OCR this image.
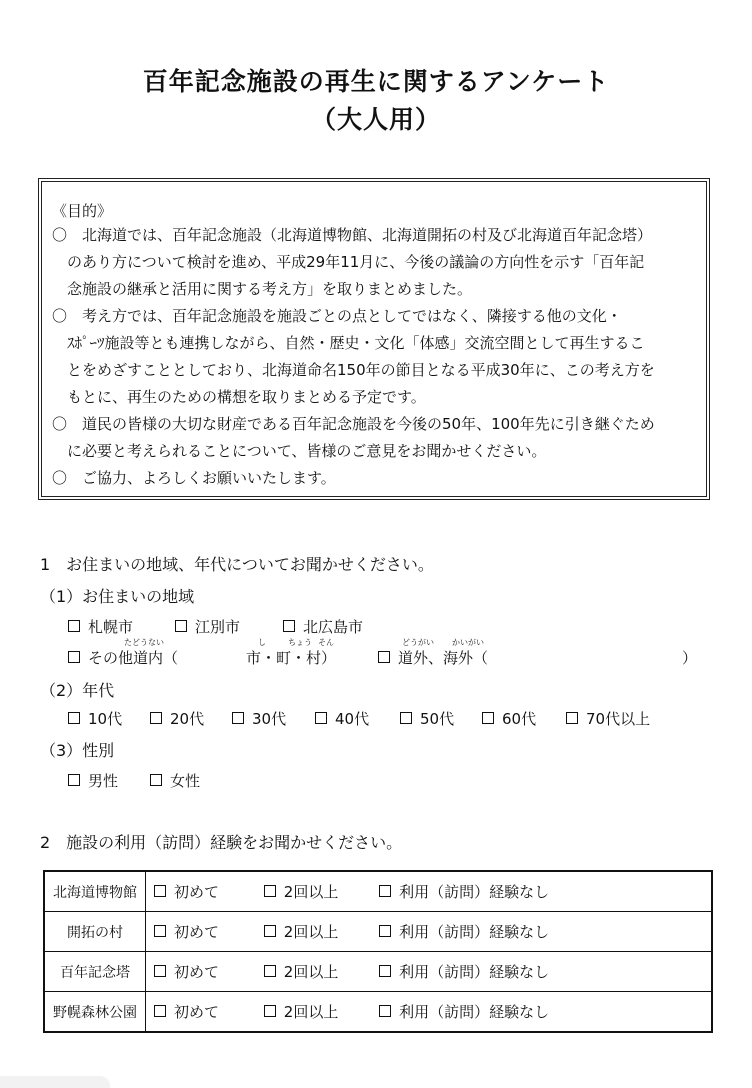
百年記念施設の再生に関するアンケート
（大人用）
《目的》
〇　北海道では、百年記念施設（北海道博物館、北海道開拓の村及び北海道百年記念塔）
　のあり方について検討を進め、平成29年11月に、今後の議論の方向性を示す「百年記
　念施設の継承と活用に関する考え方」を取りまとめました。
〇　考え方では、百年記念施設を施設ごとの点としてではなく、隣接する他の文化・
　ｽﾎﾟｰﾂ施設等とも連携しながら、自然・歴史・文化「体感」交流空間として再生するこ
　とをめざすこととしており、北海道命名150年の節目となる平成30年に、この考え方を
　もとに、再生のための構想を取りまとめる予定です。
〇　道民の皆様の大切な財産である百年記念施設を今後の50年、100年先に引き継ぐため
　に必要と考えられることについて、皆様のご意見をお聞かせください。
〇　ご協力、よろしくお願いいたします。
1　お住まいの地域、年代についてお聞かせください。
（1）お住まいの地域
札幌市	江別市	北広島市
たどうない	し	ちょう そん	どうがい かいがい
その他道内（	市・町・村）	道外、海外（	）
（2）年代
10代	20代	30代	40代	50代	60代	70代以上
（3）性別
男性	女性
2　施設の利用（訪問）経験をお聞かせください。
北海道博物館	初めて 2回以上 利用（訪問）経験なし
開拓の村	初めて 2回以上 利用（訪問）経験なし
百年記念塔	初めて 2回以上 利用（訪問）経験なし
野幌森林公園	初めて 2回以上 利用（訪問）経験なし
